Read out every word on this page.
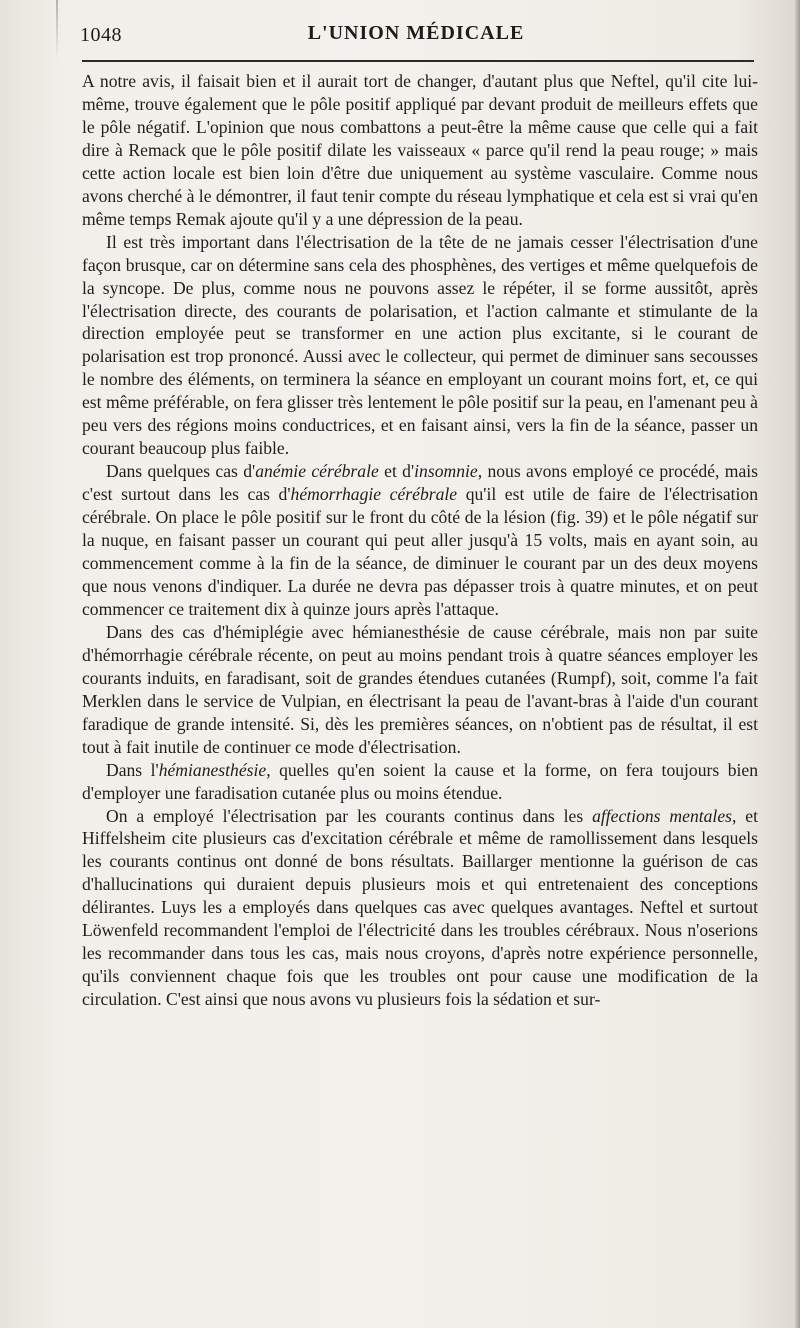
1048	L'UNION MÉDICALE

A notre avis, il faisait bien et il aurait tort de changer, d'autant plus que Neftel, qu'il cite lui-même, trouve également que le pôle positif appliqué par devant produit de meilleurs effets que le pôle négatif. L'opinion que nous combattons a peut-être la même cause que celle qui a fait dire à Remack que le pôle positif dilate les vaisseaux « parce qu'il rend la peau rouge; » mais cette action locale est bien loin d'être due uniquement au système vasculaire. Comme nous avons cherché à le démontrer, il faut tenir compte du réseau lymphatique et cela est si vrai qu'en même temps Remak ajoute qu'il y a une dépression de la peau.

Il est très important dans l'électrisation de la tête de ne jamais cesser l'électrisation d'une façon brusque, car on détermine sans cela des phosphènes, des vertiges et même quelquefois de la syncope. De plus, comme nous ne pouvons assez le répéter, il se forme aussitôt, après l'électrisation directe, des courants de polarisation, et l'action calmante et stimulante de la direction employée peut se transformer en une action plus excitante, si le courant de polarisation est trop prononcé. Aussi avec le collecteur, qui permet de diminuer sans secousses le nombre des éléments, on terminera la séance en employant un courant moins fort, et, ce qui est même préférable, on fera glisser très lentement le pôle positif sur la peau, en l'amenant peu à peu vers des régions moins conductrices, et en faisant ainsi, vers la fin de la séance, passer un courant beaucoup plus faible.

Dans quelques cas d'anémie cérébrale et d'insomnie, nous avons employé ce procédé, mais c'est surtout dans les cas d'hémorrhagie cérébrale qu'il est utile de faire de l'électrisation cérébrale. On place le pôle positif sur le front du côté de la lésion (fig. 39) et le pôle négatif sur la nuque, en faisant passer un courant qui peut aller jusqu'à 15 volts, mais en ayant soin, au commencement comme à la fin de la séance, de diminuer le courant par un des deux moyens que nous venons d'indiquer. La durée ne devra pas dépasser trois à quatre minutes, et on peut commencer ce traitement dix à quinze jours après l'attaque.

Dans des cas d'hémiplégie avec hémianesthésie de cause cérébrale, mais non par suite d'hémorrhagie cérébrale récente, on peut au moins pendant trois à quatre séances employer les courants induits, en faradisant, soit de grandes étendues cutanées (Rumpf), soit, comme l'a fait Merklen dans le service de Vulpian, en électrisant la peau de l'avant-bras à l'aide d'un courant faradique de grande intensité. Si, dès les premières séances, on n'obtient pas de résultat, il est tout à fait inutile de continuer ce mode d'électrisation.

Dans l'hémianesthésie, quelles qu'en soient la cause et la forme, on fera toujours bien d'employer une faradisation cutanée plus ou moins étendue.

On a employé l'électrisation par les courants continus dans les affections mentales, et Hiffelsheim cite plusieurs cas d'excitation cérébrale et même de ramollissement dans lesquels les courants continus ont donné de bons résultats. Baillarger mentionne la guérison de cas d'hallucinations qui duraient depuis plusieurs mois et qui entretenaient des conceptions délirantes. Luys les a employés dans quelques cas avec quelques avantages. Neftel et surtout Löwenfeld recommandent l'emploi de l'électricité dans les troubles cérébraux. Nous n'oserions les recommander dans tous les cas, mais nous croyons, d'après notre expérience personnelle, qu'ils conviennent chaque fois que les troubles ont pour cause une modification de la circulation. C'est ainsi que nous avons vu plusieurs fois la sédation et sur-
